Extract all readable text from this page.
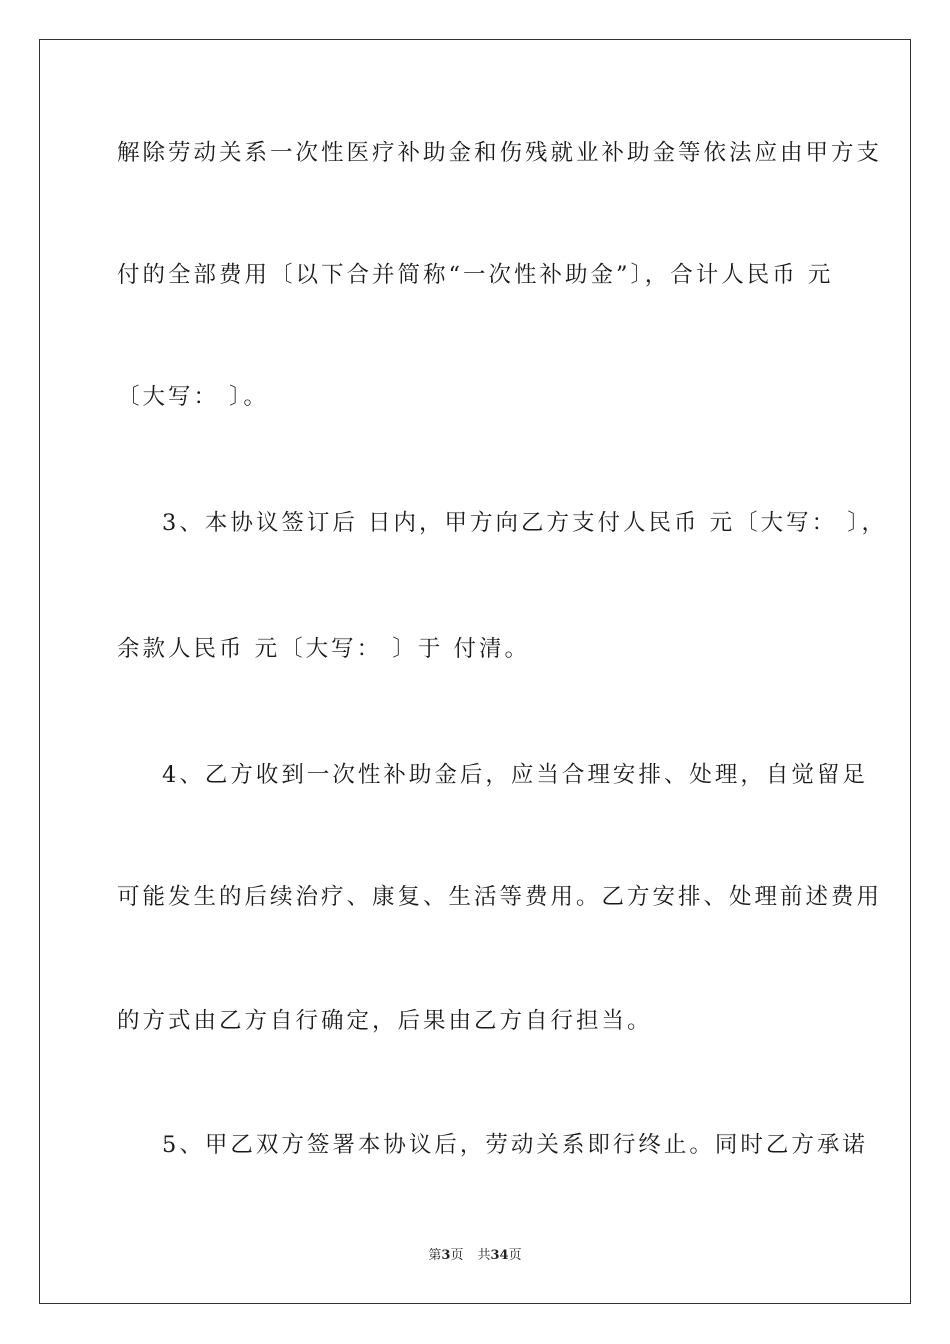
解除劳动关系一次性医疗补助金和伤残就业补助金等依法应由甲方支
付的全部费用〔以下合并简称“一次性补助金”〕，合计人民币 元
〔大写： 〕。
3、本协议签订后 日内，甲方向乙方支付人民币 元〔大写： 〕，
余款人民币 元〔大写： 〕于 付清。
4、乙方收到一次性补助金后，应当合理安排、处理，自觉留足
可能发生的后续治疗、康复、生活等费用。乙方安排、处理前述费用
的方式由乙方自行确定，后果由乙方自行担当。
5、甲乙双方签署本协议后，劳动关系即行终止。同时乙方承诺
第3页 共34页
